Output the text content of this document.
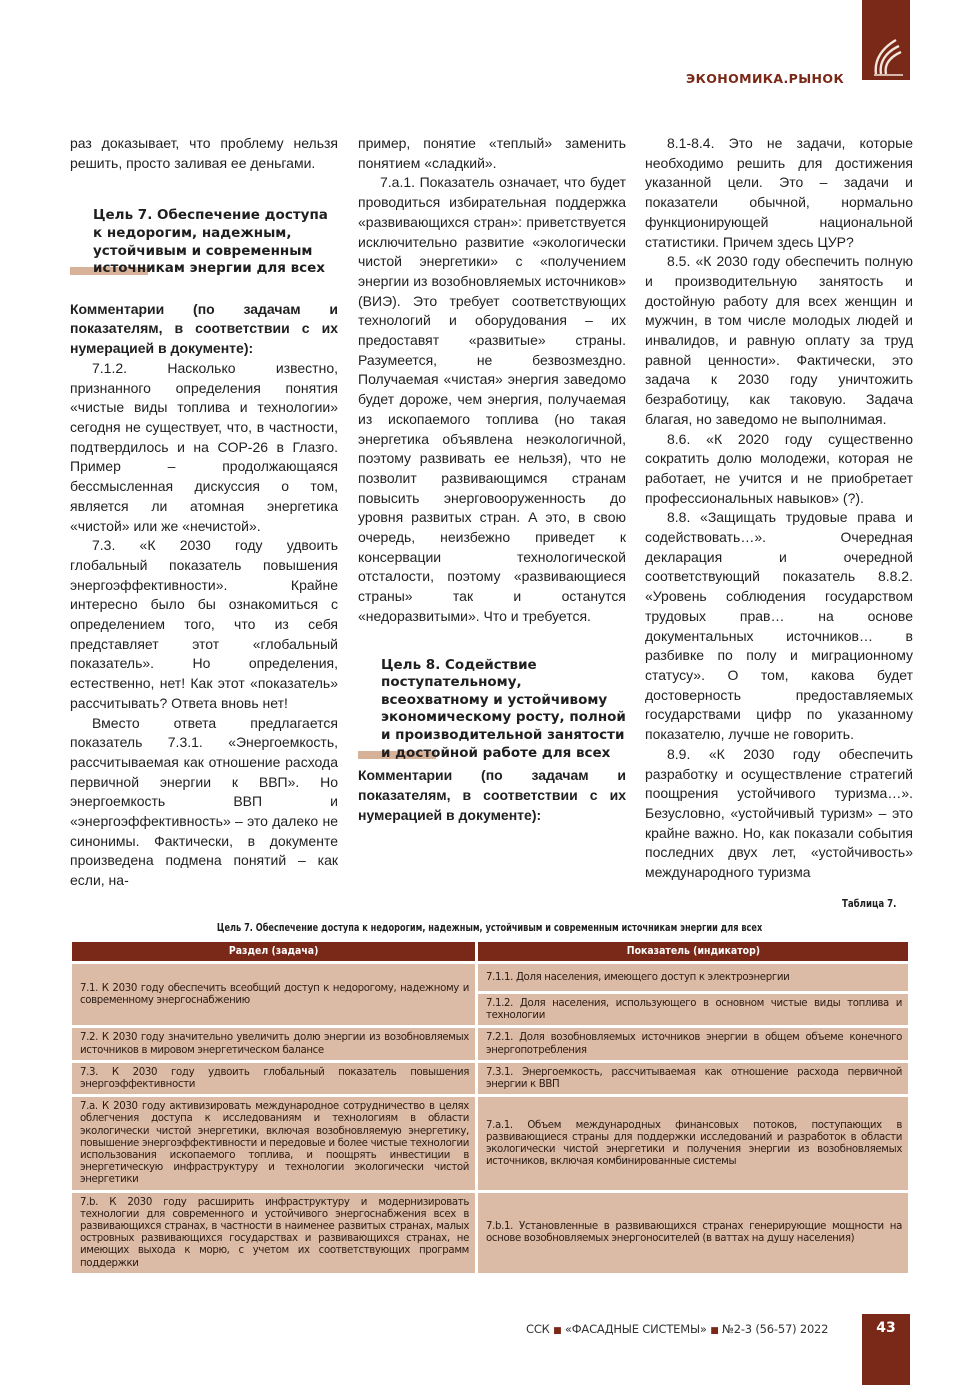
ЭКОНОМИКА.РЫНОК

раз доказывает, что проблему нельзя решить, просто заливая ее деньгами.

Цель 7. Обеспечение доступа к недорогим, надежным, устойчивым и современным источникам энергии для всех

Комментарии (по задачам и показателям, в соответствии с их нумерацией в документе):

7.1.2. Насколько известно, признанного определения понятия «чистые виды топлива и технологии» сегодня не существует, что, в частности, подтвердилось и на COP-26 в Глазго. Пример – продолжающаяся бессмысленная дискуссия о том, является ли атомная энергетика «чистой» или же «нечистой».

7.3. «К 2030 году удвоить глобальный показатель повышения энергоэффективности». Крайне интересно было бы ознакомиться с определением того, что из себя представляет этот «глобальный показатель». Но определения, естественно, нет! Как этот «показатель» рассчитывать? Ответа вновь нет!

Вместо ответа предлагается показатель 7.3.1. «Энергоемкость, рассчитываемая как отношение расхода первичной энергии к ВВП». Но энергоемкость ВВП и «энергоэффективность» – это далеко не синонимы. Фактически, в документе произведена подмена понятий – как если, на-

пример, понятие «теплый» заменить понятием «сладкий».

7.а.1. Показатель означает, что будет проводиться избирательная поддержка «развивающихся стран»: приветствуется исключительно развитие «экологически чистой энергетики» с «получением энергии из возобновляемых источников» (ВИЭ). Это требует соответствующих технологий и оборудования – их предоставят «развитые» страны. Разумеется, не безвозмездно. Получаемая «чистая» энергия заведомо будет дороже, чем энергия, получаемая из ископаемого топлива (но такая энергетика объявлена неэкологичной, поэтому развивать ее нельзя), что не позволит развивающимся странам повысить энерговооруженность до уровня развитых стран. А это, в свою очередь, неизбежно приведет к консервации технологической отсталости, поэтому «развивающиеся страны» так и останутся «недоразвитыми». Что и требуется.

Цель 8. Содействие поступательному, всеохватному и устойчивому экономическому росту, полной и производительной занятости и достойной работе для всех

Комментарии (по задачам и показателям, в соответствии с их нумерацией в документе):

8.1-8.4. Это не задачи, которые необходимо решить для достижения указанной цели. Это – задачи и показатели обычной, нормально функционирующей национальной статистики. Причем здесь ЦУР?

8.5. «К 2030 году обеспечить полную и производительную занятость и достойную работу для всех женщин и мужчин, в том числе молодых людей и инвалидов, и равную оплату за труд равной ценности». Фактически, это задача к 2030 году уничтожить безработицу, как таковую. Задача благая, но заведомо не выполнимая.

8.6. «К 2020 году существенно сократить долю молодежи, которая не работает, не учится и не приобретает профессиональных навыков» (?).

8.8. «Защищать трудовые права и содействовать…». Очередная декларация и очередной соответствующий показатель 8.8.2. «Уровень соблюдения государством трудовых прав… на основе документальных источников… в разбивке по полу и миграционному статусу». О том, какова будет достоверность предоставляемых государствами цифр по указанному показателю, лучше не говорить.

8.9. «К 2030 году обеспечить разработку и осуществление стратегий поощрения устойчивого туризма…». Безусловно, «устойчивый туризм» – это крайне важно. Но, как показали события последних двух лет, «устойчивость» международного туризма

Таблица 7.
Цель 7. Обеспечение доступа к недорогим, надежным, устойчивым и современным источникам энергии для всех
Раздел (задача)	Показатель (индикатор)
7.1. К 2030 году обеспечить всеобщий доступ к недорогому, надежному и современному энергоснабжению	7.1.1. Доля населения, имеющего доступ к электроэнергии
	7.1.2. Доля населения, использующего в основном чистые виды топлива и технологии
7.2. К 2030 году значительно увеличить долю энергии из возобновляемых источников в мировом энергетическом балансе	7.2.1. Доля возобновляемых источников энергии в общем объеме конечного энергопотребления
7.3. К 2030 году удвоить глобальный показатель повышения энергоэффективности	7.3.1. Энергоемкость, рассчитываемая как отношение расхода первичной энергии к ВВП
7.a. К 2030 году активизировать международное сотрудничество в целях облегчения доступа к исследованиям и технологиям в области экологически чистой энергетики, включая возобновляемую энергетику, повышение энергоэффективности и передовые и более чистые технологии использования ископаемого топлива, и поощрять инвестиции в энергетическую инфраструктуру и технологии экологически чистой энергетики	7.a.1. Объем международных финансовых потоков, поступающих в развивающиеся страны для поддержки исследований и разработок в области экологически чистой энергетики и получения энергии из возобновляемых источников, включая комбинированные системы
7.b. К 2030 году расширить инфраструктуру и модернизировать технологии для современного и устойчивого энергоснабжения всех в развивающихся странах, в частности в наименее развитых странах, малых островных развивающихся государствах и развивающихся странах, не имеющих выхода к морю, с учетом их соответствующих программ поддержки	7.b.1. Установленные в развивающихся странах генерирующие мощности на основе возобновляемых энергоносителей (в ваттах на душу населения)
ССК ■ «ФАСАДНЫЕ СИСТЕМЫ» ■ №2-3 (56-57) 2022	43
